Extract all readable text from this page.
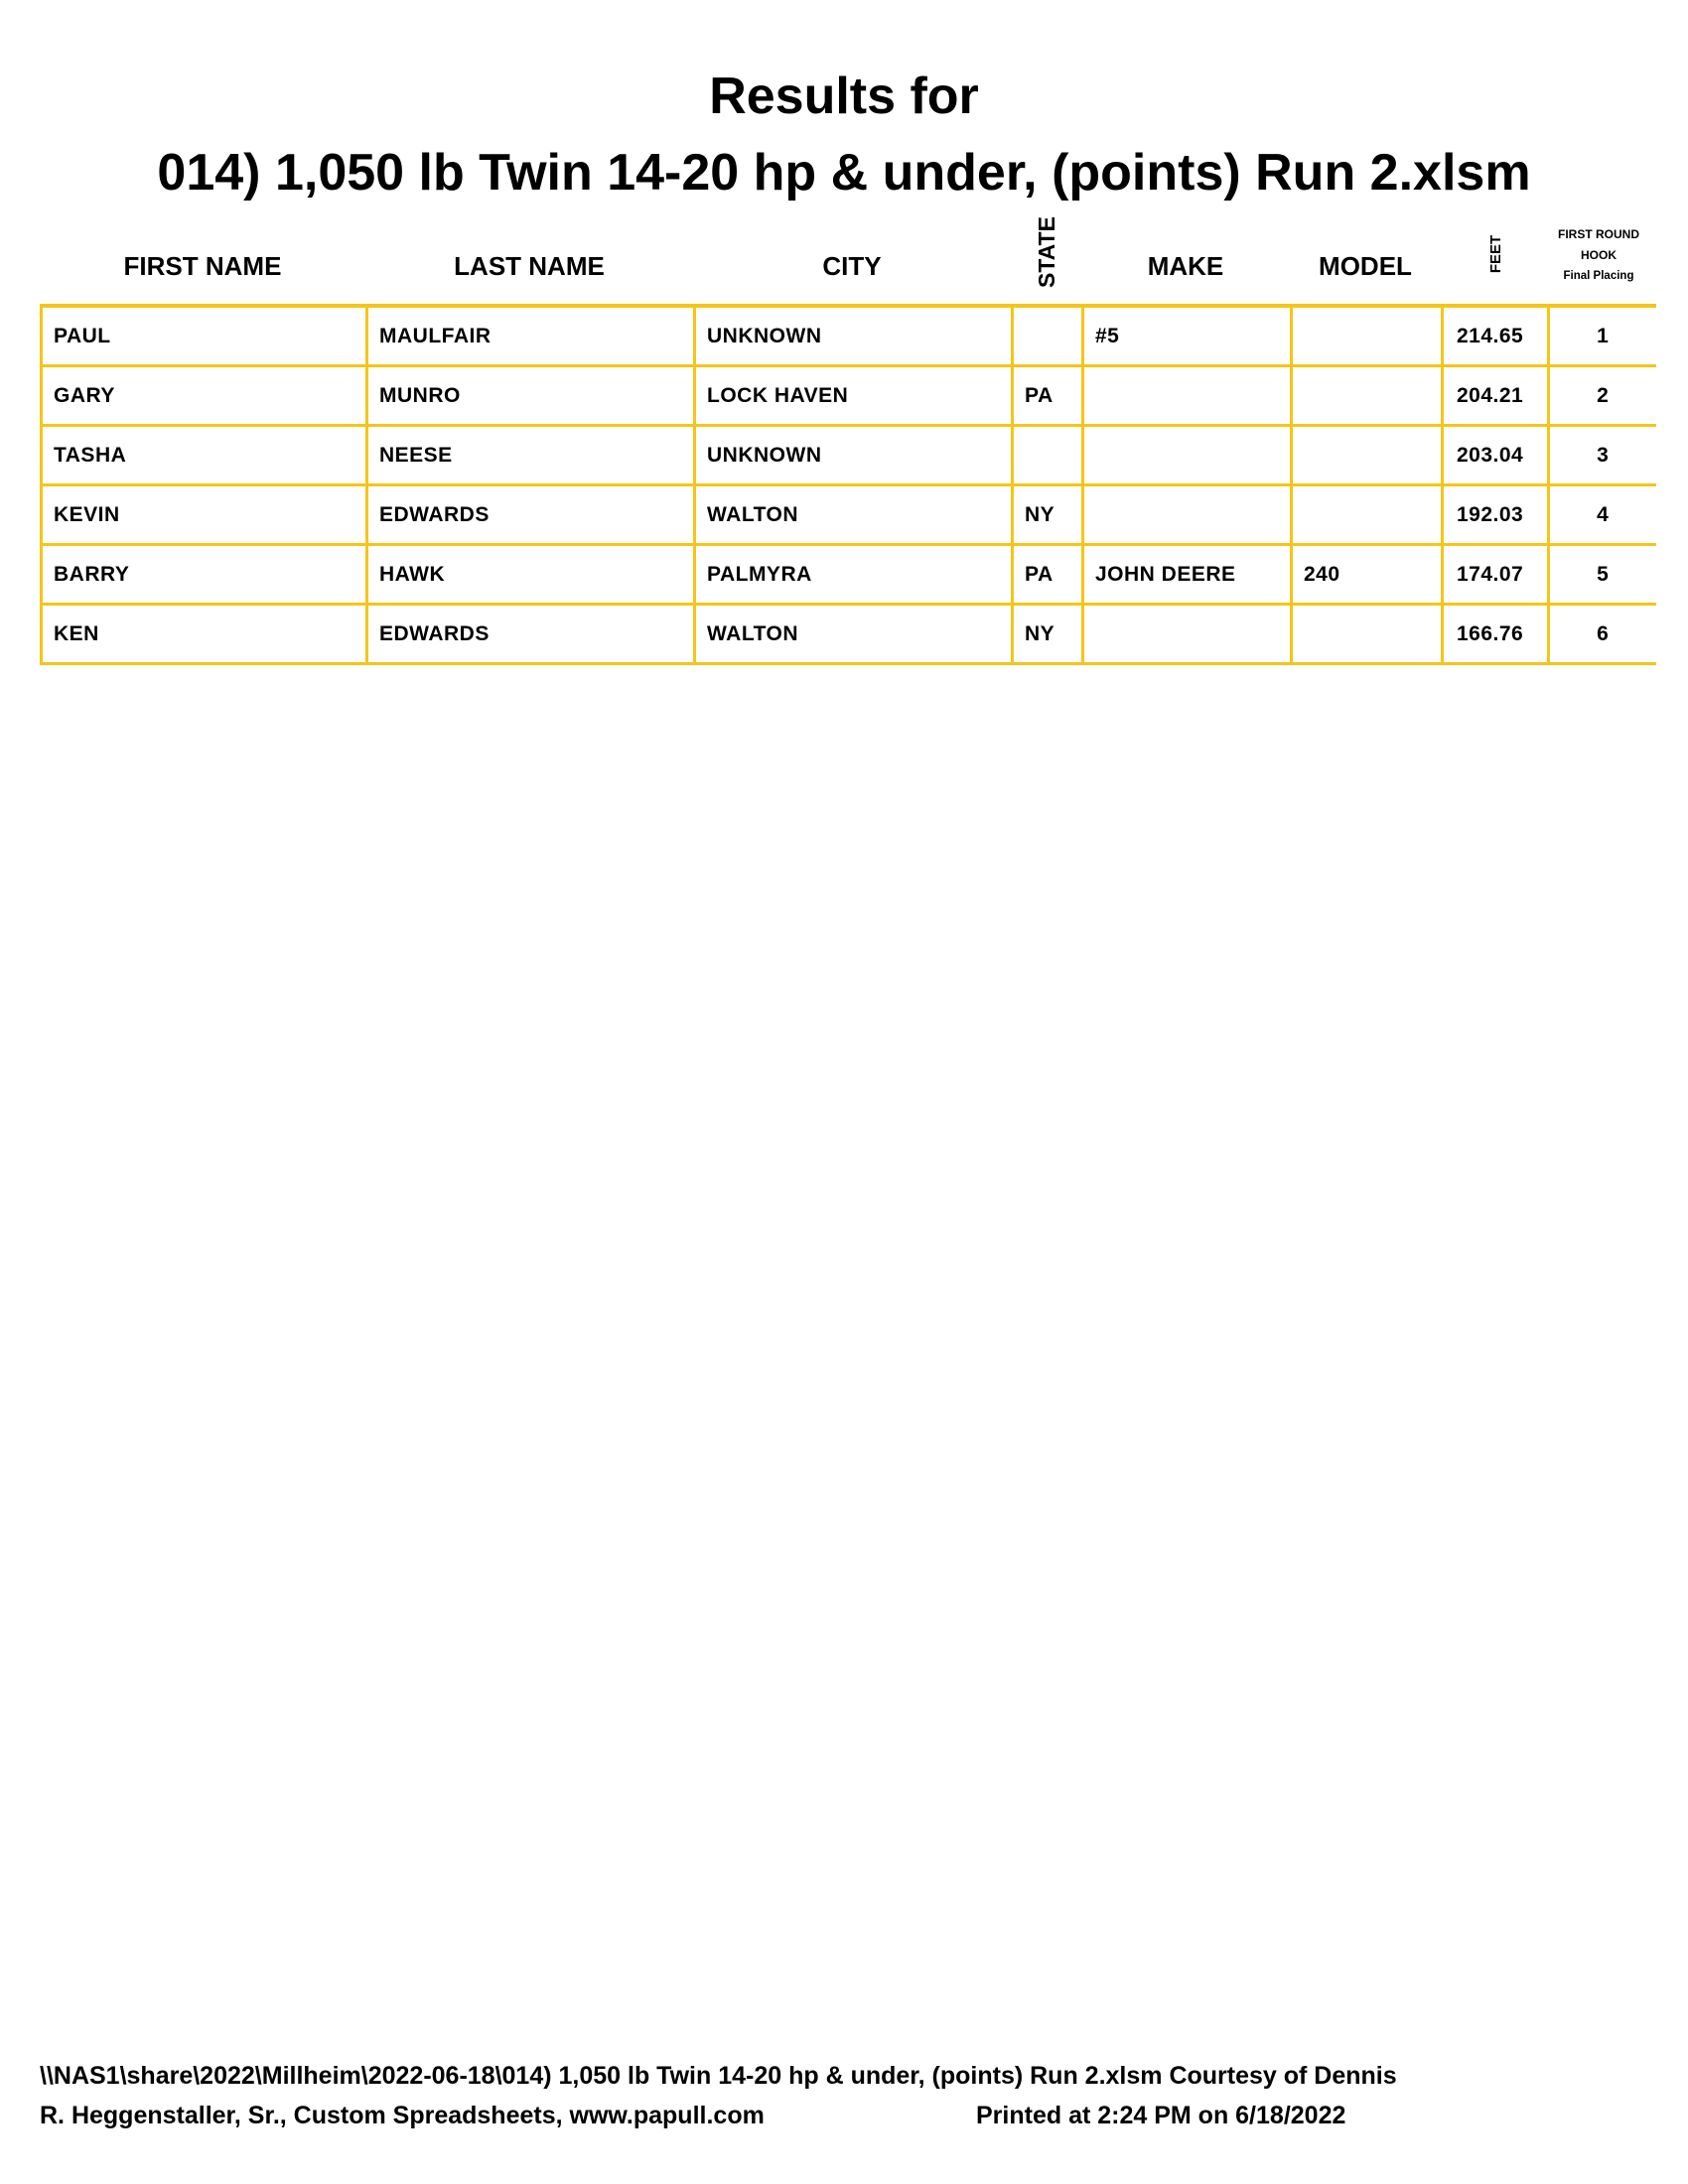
Results for
014) 1,050 lb Twin 14-20 hp & under, (points) Run 2.xlsm
FIRST NAME	LAST NAME	CITY	STATE	MAKE	MODEL	FEET
FIRST ROUND
HOOK
Final Placing
PAUL	MAULFAIR	UNKNOWN		#5		214.65	1
GARY	MUNRO	LOCK HAVEN	PA			204.21	2
TASHA	NEESE	UNKNOWN				203.04	3
KEVIN	EDWARDS	WALTON	NY			192.03	4
BARRY	HAWK	PALMYRA	PA	JOHN DEERE	240	174.07	5
KEN	EDWARDS	WALTON	NY			166.76	6
\\NAS1\share\2022\Millheim\2022-06-18\014) 1,050 lb Twin 14-20 hp & under, (points) Run 2.xlsm Courtesy of Dennis
R. Heggenstaller, Sr., Custom Spreadsheets, www.papull.com	Printed at 2:24 PM on 6/18/2022
